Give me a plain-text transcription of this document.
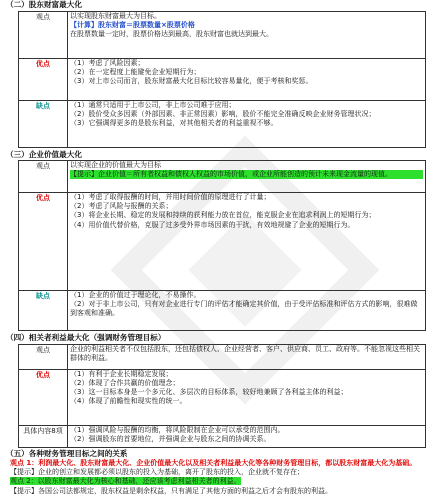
（二）股东财富最大化
观点	以实现股东财富最大为目标。
【计算】股东财富＝股票数量×股票价格
在股票数量一定时，股票价格达到最高，股东财富也就达到最大。

优点	（1）考虑了风险因素；
（2）在一定程度上能避免企业短期行为；
（3）对上市公司而言，股东财富最大化目标比较容易量化，便于考核和奖惩。

缺点	（1）通常只适用于上市公司，非上市公司难于应用；
（2）股价受众多因素（外部因素、非正常因素）影响，股价不能完全准确反映企业财务管理状况；
（3）它强调得更多的是股东利益，对其他相关者的利益重视不够。
（三）企业价值最大化
观点	以实现企业的价值最大为目标
【提示】企业价值＝所有者权益和债权人权益的市场价值，或企业所能创造的预计未来现金流量的现值。

优点	（1）考虑了取得报酬的时间，并用时间价值的原理进行了计量；
（2）考虑了风险与报酬的关系；
（3）将企业长期、稳定的发展和持续的获利能力放在首位，能克服企业在追求利润上的短期行为；
（4）用价值代替价格，克服了过多受外界市场因素的干扰，有效地规避了企业的短期行为。

缺点	（1）企业的价值过于理论化，不易操作。
（2）对于非上市公司，只有对企业进行专门的评估才能确定其价值，由于受评估标准和评估方式的影响，很难做到客观和准确。
（四）相关者利益最大化（强调财务管理目标）
观点	企业的利益相关者不仅包括股东，还包括债权人、企业经营者、客户、供应商、员工、政府等。不能忽视这些相关群体的利益。

优点	（1）有利于企业长期稳定发展；
（2）体现了合作共赢的价值理念；
（3）这一目标本身是一个多元化、多层次的目标体系，较好地兼顾了各利益主体的利益；
（4）体现了前瞻性和现实性的统一。

具体内容8项	（1）强调风险与报酬的均衡，将风险限制在企业可以承受的范围内。
（2）强调股东的首要地位，并强调企业与股东之间的协调关系。
（五）各种财务管理目标之间的关系

观点 1：利润最大化、股东财富最大化、企业价值最大化以及相关者利益最大化等各种财务管理目标，都以股东财富最大化为基础。

【提示】企业的创立和发展都必须以股东的投入为基础，离开了股东的投入，企业就不复存在；

观点 2：以股东财富最大化为核心和基础，还应该考虑利益相关者的利益。

【提示】各国公司法都规定，股东权益是剩余权益，只有满足了其他方面的利益之后才会有股东的利益。
